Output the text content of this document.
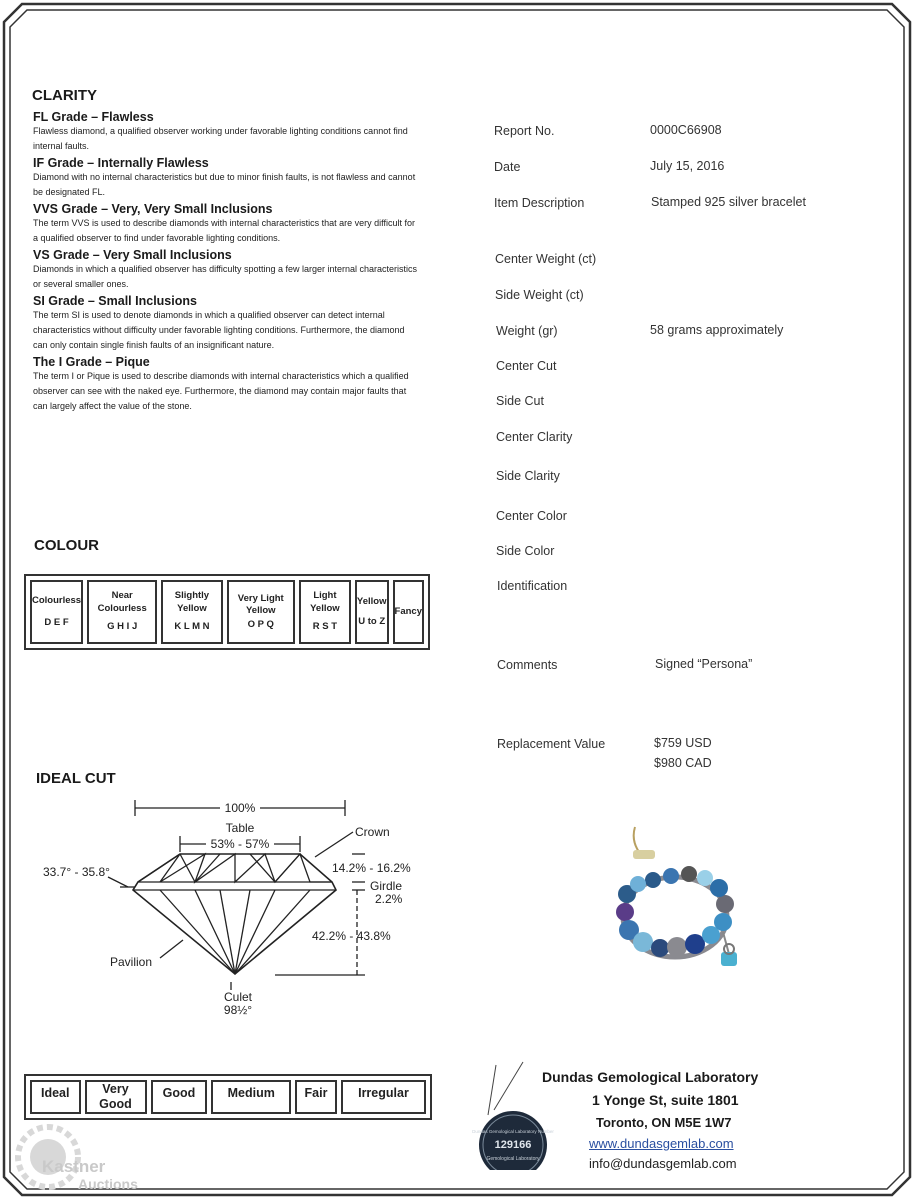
CLARITY

FL Grade – Flawless

Flawless diamond, a qualified observer working under favorable lighting conditions cannot find internal faults.

IF Grade – Internally Flawless

Diamond with no internal characteristics but due to minor finish faults, is not flawless and cannot be designated FL.

VVS Grade – Very, Very Small Inclusions

The term VVS is used to describe diamonds with internal characteristics that are very difficult for a qualified observer to find under favorable lighting conditions.

VS Grade – Very Small Inclusions

Diamonds in which a qualified observer has difficulty spotting a few larger internal characteristics or several smaller ones.

SI Grade – Small Inclusions

The term SI is used to denote diamonds in which a qualified observer can detect internal characteristics without difficulty under favorable lighting conditions. Furthermore, the diamond can only contain single finish faults of an insignificant nature.

The I Grade – Pique

The term I or Pique is used to describe diamonds with internal characteristics which a qualified observer can see with the naked eye. Furthermore, the diamond may contain major faults that can largely affect the value of the stone.

COLOUR
Colourless
D E F

Near Colourless
G H I J

Slightly Yellow
K L M N

Very Light Yellow
O P Q

Light Yellow
R S T

Yellow
U to Z

Fancy
IDEAL CUT
100%
Table
53% - 57%
Crown
33.7° - 35.8°	14.2% - 16.2%
Girdle
2.2%
42.2% - 43.8%
Pavilion
Culet
98½°
Ideal	Very Good	Good	Medium	Fair	Irregular
Report No.	0000C66908
Date	July 15, 2016
Item Description	Stamped 925 silver bracelet
Center Weight (ct)
Side Weight (ct)
Weight (gr)	58 grams approximately
Center Cut
Side Cut
Center Clarity
Side Clarity
Center Color
Side Color
Identification
Comments	Signed “Persona”
Replacement Value	$759 USD
$980 CAD
Dundas Gemological Laboratory Number
129166
Gemological Laboratory
Dundas Gemological Laboratory
1 Yonge St, suite 1801
Toronto, ON M5E 1W7
www.dundasgemlab.com
info@dundasgemlab.com
Kastner
Auctions
